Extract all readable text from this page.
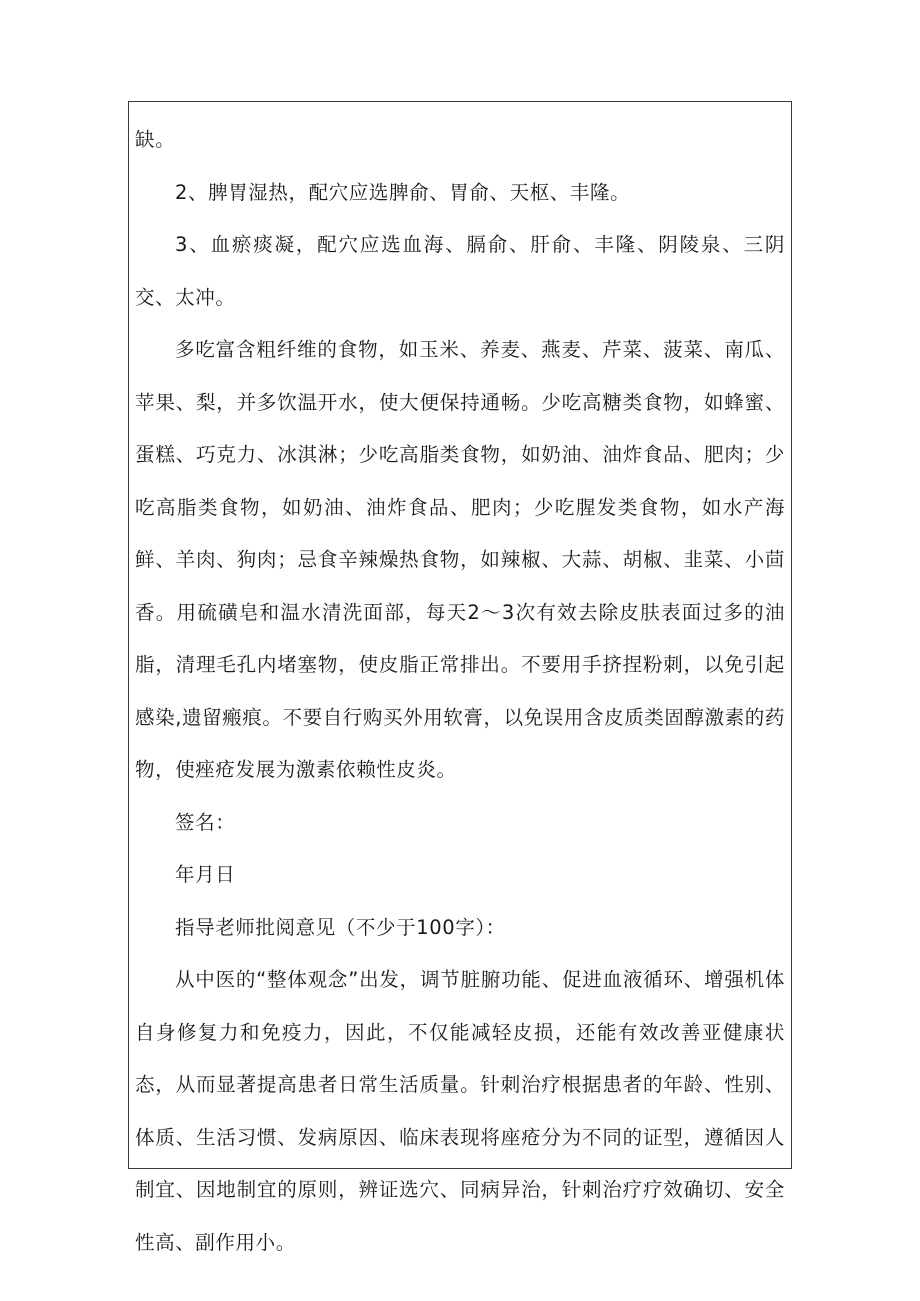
缺。

2、脾胃湿热，配穴应选脾俞、胃俞、天枢、丰隆。

3、血瘀痰凝，配穴应选血海、膈俞、肝俞、丰隆、阴陵泉、三阴交、太冲。

多吃富含粗纤维的食物，如玉米、养麦、燕麦、芹菜、菠菜、南瓜、苹果、梨，并多饮温开水，使大便保持通畅。少吃高糖类食物，如蜂蜜、蛋糕、巧克力、冰淇淋；少吃高脂类食物，如奶油、油炸食品、肥肉；少吃高脂类食物，如奶油、油炸食品、肥肉；少吃腥发类食物，如水产海鲜、羊肉、狗肉；忌食辛辣燥热食物，如辣椒、大蒜、胡椒、韭菜、小茴香。用硫磺皂和温水清洗面部，每天2〜3次有效去除皮肤表面过多的油脂，清理毛孔内堵塞物，使皮脂正常排出。不要用手挤捏粉刺，以免引起感染,遗留瘢痕。不要自行购买外用软膏，以免误用含皮质类固醇激素的药物，使痤疮发展为激素依赖性皮炎。

签名：

年月日

指导老师批阅意见（不少于100字）：

从中医的“整体观念”出发，调节脏腑功能、促进血液循环、增强机体自身修复力和免疫力，因此，不仅能减轻皮损，还能有效改善亚健康状态，从而显著提高患者日常生活质量。针刺治疗根据患者的年龄、性别、体质、生活习惯、发病原因、临床表现将座疮分为不同的证型，遵循因人制宜、因地制宜的原则，辨证选穴、同病异治，针刺治疗疗效确切、安全性高、副作用小。
